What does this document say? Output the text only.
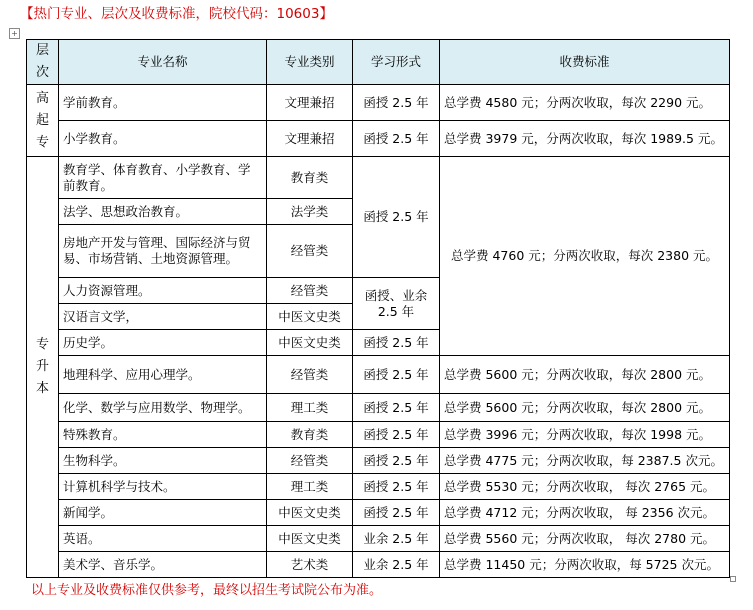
【热门专业、层次及收费标准，院校代码：10603】
+
层次	专业名称	专业类别	学习形式	收费标准
高起专	学前教育。	文理兼招	函授 2.5 年	总学费 4580 元；分两次收取，每次 2290 元。
	小学教育。	文理兼招	函授 2.5 年	总学费 3979 元，分两次收取，每次 1989.5 元。
专升本	教育学、体育教育、小学教育、学前教育。	教育类	函授 2.5 年	总学费 4760 元；分两次收取，每次 2380 元。
	法学、思想政治教育。	法学类		
	房地产开发与管理、国际经济与贸易、市场营销、土地资源管理。	经管类		
	人力资源管理。	经管类	函授、业余 2.5 年	
	汉语言文学，	中医文史类		
	历史学。	中医文史类	函授 2.5 年	
	地理科学、应用心理学。	经管类	函授 2.5 年	总学费 5600 元；分两次收取，每次 2800 元。
	化学、数学与应用数学、物理学。	理工类	函授 2.5 年	总学费 5600 元；分两次收取，每次 2800 元。
	特殊教育。	教育类	函授 2.5 年	总学费 3996 元；分两次收取，每次 1998 元。
	生物科学。	经管类	函授 2.5 年	总学费 4775 元；分两次收取，每 2387.5 次元。
	计算机科学与技术。	理工类	函授 2.5 年	总学费 5530 元；分两次收取， 每次 2765 元。
	新闻学。	中医文史类	函授 2.5 年	总学费 4712 元；分两次收取， 每 2356 次元。
	英语。	中医文史类	业余 2.5 年	总学费 5560 元；分两次收取， 每次 2780 元。
	美术学、音乐学。	艺术类	业余 2.5 年	总学费 11450 元；分两次收取，每 5725 次元。
以上专业及收费标准仅供参考，最终以招生考试院公布为准。
